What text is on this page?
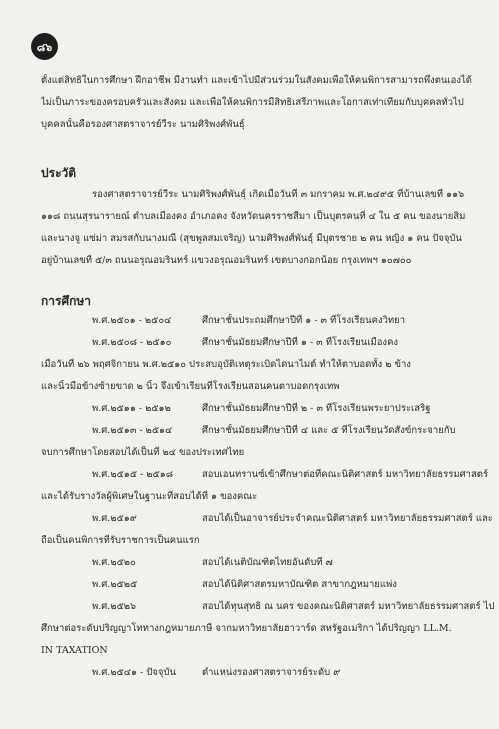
๘๖
ตั้งแต่สิทธิในการศึกษา ฝึกอาชีพ มีงานทำ และเข้าไปมีส่วนร่วมในสังคมเพื่อให้คนพิการสามารถพึ่งตนเองได้
ไม่เป็นภาระของครอบครัวและสังคม และเพื่อให้คนพิการมีสิทธิเสรีภาพและโอกาสเท่าเทียมกับบุคคลทั่วไป
บุคคลนั้นคือรองศาสตราจารย์วีระ นามศิริพงศ์พันธุ์
ประวัติ
รองศาสตราจารย์วีระ นามศิริพงศ์พันธุ์ เกิดเมื่อวันที่ ๓ มกราคม พ.ศ.๒๔๙๕ ที่บ้านเลขที่ ๑๑๖
๑๑๘ ถนนสุรนารายณ์ ตำบลเมืองคง อำเภอคง จังหวัดนครราชสีมา เป็นบุตรคนที่ ๔ ใน ๕ คน ของนายสิม
และนางจู แซ่ม่า สมรสกับนางมณี (สุขพูลสมเจริญ) นามศิริพงศ์พันธุ์ มีบุตรชาย ๒ คน หญิง ๑ คน ปัจจุบัน
อยู่บ้านเลขที่ ๕/๓ ถนนอรุณอมรินทร์ แขวงอรุณอมรินทร์ เขตบางกอกน้อย กรุงเทพฯ ๑๐๗๐๐
การศึกษา
พ.ศ.๒๕๐๑ - ๒๕๐๔	ศึกษาชั้นประถมศึกษาปีที่ ๑ - ๓ ที่โรงเรียนคงวิทยา
พ.ศ.๒๕๐๘ - ๒๕๑๐	ศึกษาชั้นมัธยมศึกษาปีที่ ๑ - ๓ ที่โรงเรียนเมืองคง
เมื่อวันที่ ๒๖ พฤศจิกายน พ.ศ.๒๕๑๐ ประสบอุบัติเหตุระเบิดไดนาไมต์ ทำให้ตาบอดทั้ง ๒ ข้าง
และนิ้วมือข้างซ้ายขาด ๒ นิ้ว จึงเข้าเรียนที่โรงเรียนสอนคนตาบอดกรุงเทพ
พ.ศ.๒๕๑๑ - ๒๕๑๒	ศึกษาชั้นมัธยมศึกษาปีที่ ๒ - ๓ ที่โรงเรียนพระยาประเสริฐ
พ.ศ.๒๕๑๓ - ๒๕๑๔	ศึกษาชั้นมัธยมศึกษาปีที่ ๔ และ ๕ ที่โรงเรียนวัดสังข์กระจายกับ
จบการศึกษาโดยสอบได้เป็นที่ ๒๔ ของประเทศไทย
พ.ศ.๒๕๑๕ - ๒๕๑๘	สอบเอนทรานซ์เข้าศึกษาต่อที่คณะนิติศาสตร์ มหาวิทยาลัยธรรมศาสตร์
และได้รับรางวัลผู้พิเศษในฐานะที่สอบได้ที่ ๑ ของคณะ
พ.ศ.๒๕๑๙	สอบได้เป็นอาจารย์ประจำคณะนิติศาสตร์ มหาวิทยาลัยธรรมศาสตร์ และ
ถือเป็นคนพิการที่รับราชการเป็นคนแรก
พ.ศ.๒๕๒๐	สอบได้เนติบัณฑิตไทยอันดับที่ ๗
พ.ศ.๒๕๒๕	สอบได้นิติศาสตรมหาบัณฑิต สาขากฎหมายแพ่ง
พ.ศ.๒๕๒๖	สอบได้ทุนสุทธิ ณ นคร ของคณะนิติศาสตร์ มหาวิทยาลัยธรรมศาสตร์ ไป
ศึกษาต่อระดับปริญญาโททางกฎหมายภาษี จากมหาวิทยาลัยฮาวาร์ด สหรัฐอเมริกา ได้ปริญญา LL.M.
IN TAXATION
พ.ศ.๒๕๔๑ - ปัจจุบัน	ตำแหน่งรองศาสตราจารย์ระดับ ๙
